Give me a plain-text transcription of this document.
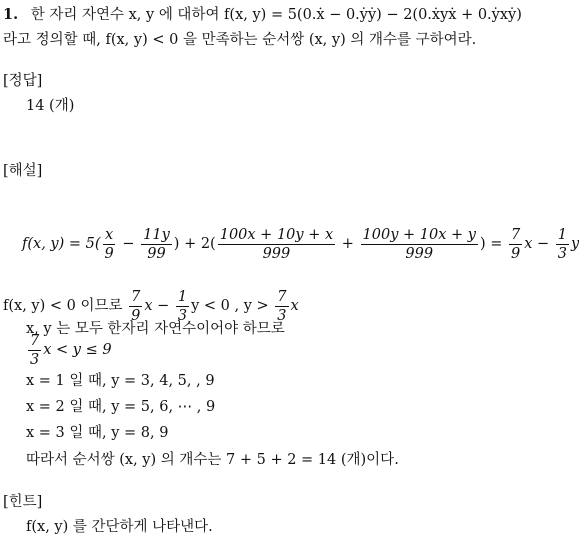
1. 한 자리 자연수 x, y 에 대하여 f(x, y) = 5(0.ẋ − 0.ẏẏ) − 2(0.ẋyẋ + 0.ẏxẏ)
라고 정의할 때, f(x, y) < 0 을 만족하는 순서쌍 (x, y) 의 개수를 구하여라.
[정답]
14 (개)
[해설]
f(x, $y) = 5( \frac{x}{9} - \frac{11y}{99}$ ) + $2( \frac{100x + 10y + x}{999} + \frac{100y + 10x + y}{999}$ ) = $\frac{7}{9}$ $x - \frac{1}{3}$ y
f(x, y) < 0 이므로 $\frac{7}{9}$ $x - \frac{1}{3}$ y < 0 , $y > \frac{7}{3}$ x
x, y 는 모두 한자리 자연수이어야 하므로
$\frac{7}{3}$ x < y ≤ 9
x = 1 일 때, y = 3, 4, 5, , 9
x = 2 일 때, y = 5, 6, ⋯ , 9
x = 3 일 때, y = 8, 9
따라서 순서쌍 (x, y) 의 개수는 7 + 5 + 2 = 14 (개)이다.
[힌트]
f(x, y) 를 간단하게 나타낸다.
